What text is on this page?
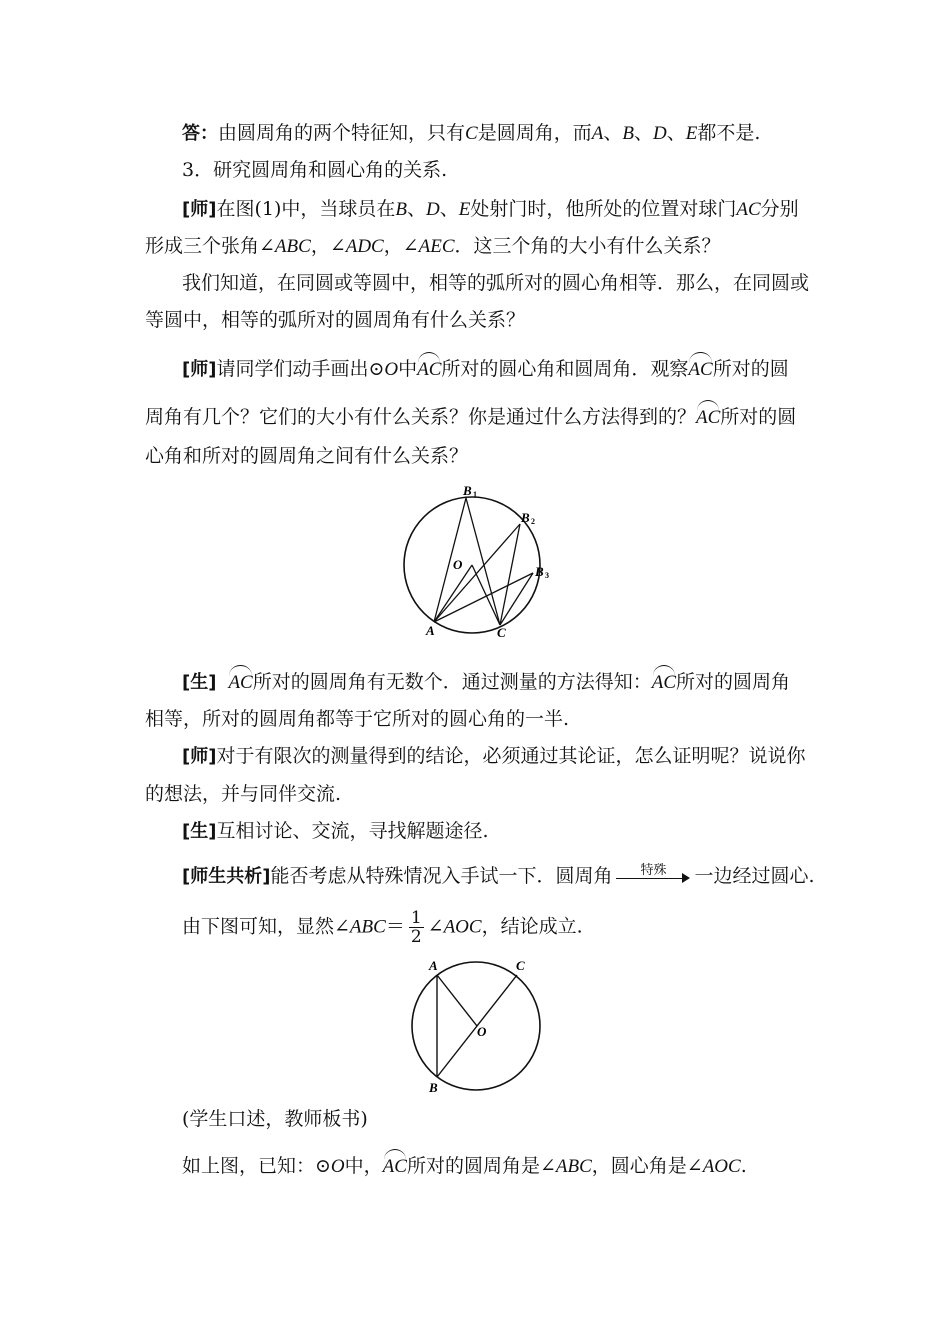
答：由圆周角的两个特征知，只有C是圆周角，而A、B、D、E都不是.
3．研究圆周角和圆心角的关系.
[师]在图(1)中，当球员在B、D、E处射门时，他所处的位置对球门AC分别
形成三个张角∠ABC，∠ADC，∠AEC．这三个角的大小有什么关系？
我们知道，在同圆或等圆中，相等的弧所对的圆心角相等．那么，在同圆或
等圆中，相等的弧所对的圆周角有什么关系？
[师]请同学们动手画出⊙O中AC所对的圆心角和圆周角．观察AC所对的圆
周角有几个？它们的大小有什么关系？你是通过什么方法得到的？AC所对的圆
心角和所对的圆周角之间有什么关系？
B 1
B 2
B 3
O
A	C
[生] AC所对的圆周角有无数个．通过测量的方法得知：AC所对的圆周角
相等，所对的圆周角都等于它所对的圆心角的一半.
[师]对于有限次的测量得到的结论，必须通过其论证，怎么证明呢？说说你
的想法，并与同伴交流.
[生]互相讨论、交流，寻找解题途径.
[师生共析]能否考虑从特殊情况入手试一下．圆周角	特殊	一边经过圆心.
由下图可知，显然∠ABC＝ $\frac{1}{2}$ ∠AOC，结论成立.
A	C
O
B
(学生口述，教师板书)
如上图，已知：⊙O中，AC所对的圆周角是∠ABC，圆心角是∠AOC.
